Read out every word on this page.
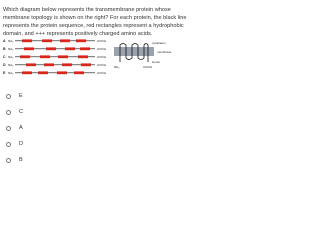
Which diagram below represents the transmembrane protein whose membrane topology is shown on the right? For each protein, the black line represents the protein sequence, red rectangles represent a hydrophobic domain, and +++ represents positively charged amino acids.

A NH₂	COOH
B NH₂	COOH
C NH₂	COOH
D NH₂	COOH
E NH₂	COOH
cytoplasm
membrane
lumen
NH₂	COOH
E
C
A
D
B
